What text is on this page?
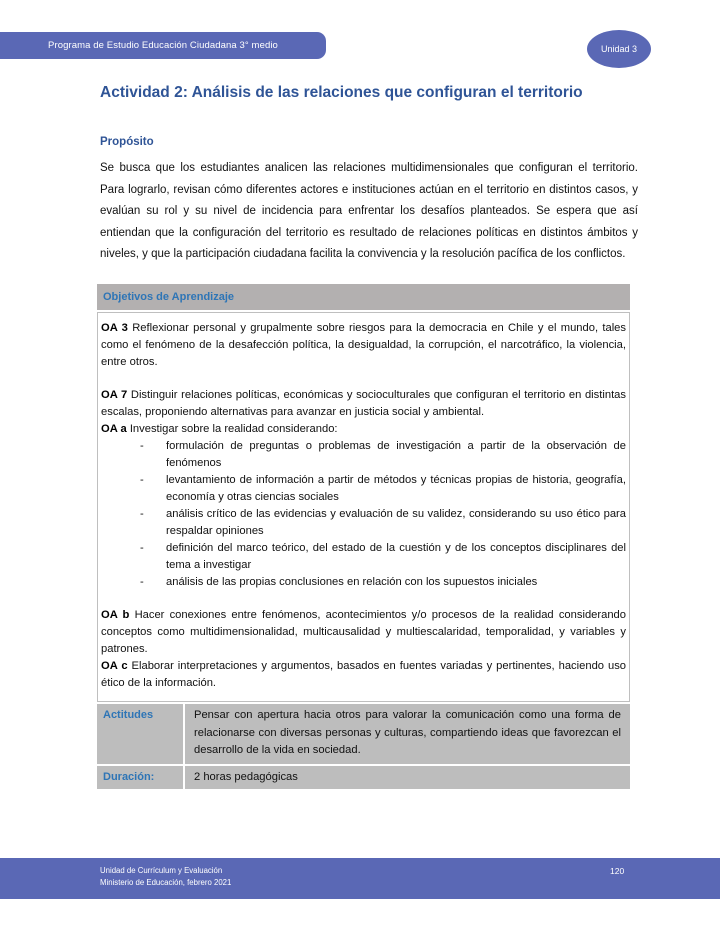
Programa de Estudio Educación Ciudadana 3° medio	Unidad 3
Actividad 2: Análisis de las relaciones que configuran el territorio
Propósito

Se busca que los estudiantes analicen las relaciones multidimensionales que configuran el territorio. Para lograrlo, revisan cómo diferentes actores e instituciones actúan en el territorio en distintos casos, y evalúan su rol y su nivel de incidencia para enfrentar los desafíos planteados. Se espera que así entiendan que la configuración del territorio es resultado de relaciones políticas en distintos ámbitos y niveles, y que la participación ciudadana facilita la convivencia y la resolución pacífica de los conflictos.

Objetivos de Aprendizaje

OA 3 Reflexionar personal y grupalmente sobre riesgos para la democracia en Chile y el mundo, tales como el fenómeno de la desafección política, la desigualdad, la corrupción, el narcotráfico, la violencia, entre otros.

OA 7 Distinguir relaciones políticas, económicas y socioculturales que configuran el territorio en distintas escalas, proponiendo alternativas para avanzar en justicia social y ambiental.

OA a Investigar sobre la realidad considerando:

-	formulación de preguntas o problemas de investigación a partir de la observación de fenómenos
-	levantamiento de información a partir de métodos y técnicas propias de historia, geografía, economía y otras ciencias sociales
-	análisis crítico de las evidencias y evaluación de su validez, considerando su uso ético para respaldar opiniones
-	definición del marco teórico, del estado de la cuestión y de los conceptos disciplinares del tema a investigar
-	análisis de las propias conclusiones en relación con los supuestos iniciales

OA b Hacer conexiones entre fenómenos, acontecimientos y/o procesos de la realidad considerando conceptos como multidimensionalidad, multicausalidad y multiescalaridad, temporalidad, y variables y patrones.

OA c Elaborar interpretaciones y argumentos, basados en fuentes variadas y pertinentes, haciendo uso ético de la información.

Actitudes	Pensar con apertura hacia otros para valorar la comunicación como una forma de relacionarse con diversas personas y culturas, compartiendo ideas que favorezcan el desarrollo de la vida en sociedad.
Duración:	2 horas pedagógicas
Unidad de Currículum y Evaluación
Ministerio de Educación, febrero 2021
120
